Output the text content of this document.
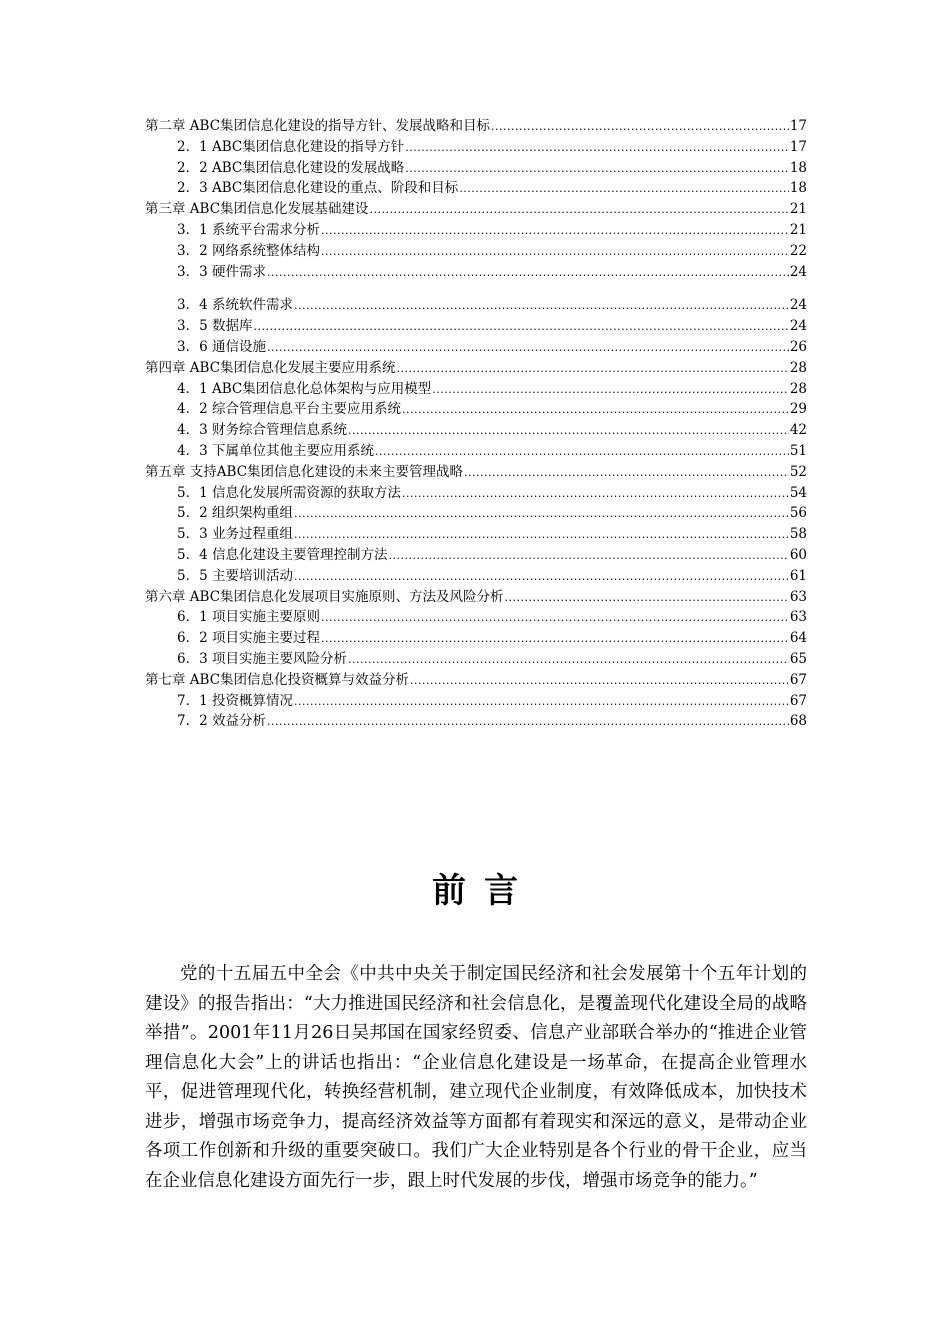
第二章 ABC集团信息化建设的指导方针、发展战略和目标 .....	17
2．1 ABC集团信息化建设的指导方针 .....	17
2．2 ABC集团信息化建设的发展战略 .....	18
2．3 ABC集团信息化建设的重点、阶段和目标 .....	18
第三章 ABC集团信息化发展基础建设 .....	21
3．1 系统平台需求分析 .....	21
3．2 网络系统整体结构 .....	22
3．3 硬件需求 .....	24
3．4 系统软件需求 .....	24
3．5 数据库 .....	24
3．6 通信设施 .....	26
第四章 ABC集团信息化发展主要应用系统 .....	28
4．1 ABC集团信息化总体架构与应用模型 .....	28
4．2 综合管理信息平台主要应用系统 .....	29
4．3 财务综合管理信息系统 .....	42
4．3 下属单位其他主要应用系统 .....	51
第五章 支持ABC集团信息化建设的未来主要管理战略 .....	52
5．1 信息化发展所需资源的获取方法 .....	54
5．2 组织架构重组 .....	56
5．3 业务过程重组 .....	58
5．4 信息化建设主要管理控制方法 .....	60
5．5 主要培训活动 .....	61
第六章 ABC集团信息化发展项目实施原则、方法及风险分析 .....	63
6．1 项目实施主要原则 .....	63
6．2 项目实施主要过程 .....	64
6．3 项目实施主要风险分析 .....	65
第七章 ABC集团信息化投资概算与效益分析 .....	67
7．1 投资概算情况 .....	67
7．2 效益分析 .....	68
前言

党的十五届五中全会《中共中央关于制定国民经济和社会发展第十个五年计划的建设》的报告指出：“大力推进国民经济和社会信息化，是覆盖现代化建设全局的战略举措”。2001年11月26日吴邦国在国家经贸委、信息产业部联合举办的“推进企业管理信息化大会”上的讲话也指出：“企业信息化建设是一场革命，在提高企业管理水平，促进管理现代化，转换经营机制，建立现代企业制度，有效降低成本，加快技术进步，增强市场竞争力，提高经济效益等方面都有着现实和深远的意义，是带动企业各项工作创新和升级的重要突破口。我们广大企业特别是各个行业的骨干企业，应当在企业信息化建设方面先行一步，跟上时代发展的步伐，增强市场竞争的能力。”
